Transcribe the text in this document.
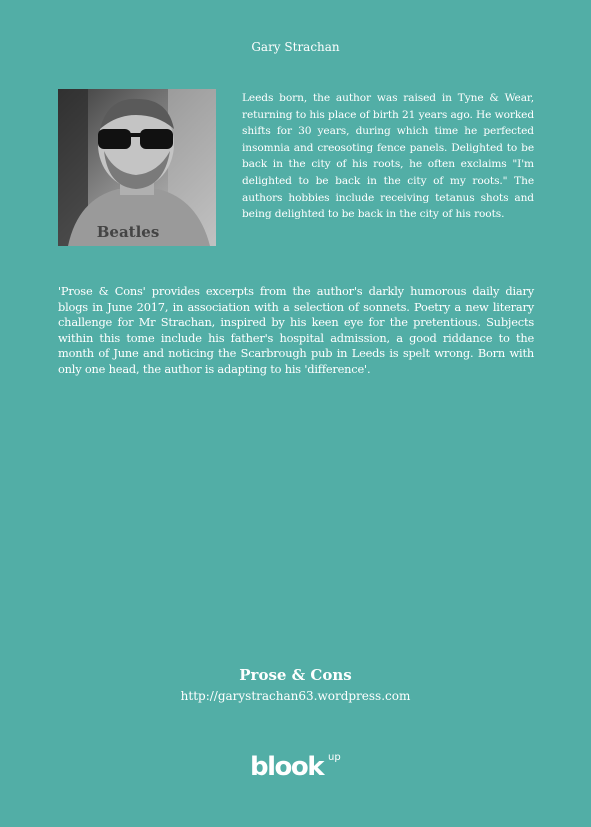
Gary Strachan
Beatles
Leeds born, the author was raised in Tyne & Wear, returning to his place of birth 21 years ago. He worked shifts for 30 years, during which time he perfected insomnia and creosoting fence panels. Delighted to be back in the city of his roots, he often exclaims "I'm delighted to be back in the city of my roots." The authors hobbies include receiving tetanus shots and being delighted to be back in the city of his roots.
'Prose & Cons' provides excerpts from the author's darkly humorous daily diary blogs in June 2017, in association with a selection of sonnets. Poetry a new literary challenge for Mr Strachan, inspired by his keen eye for the pretentious. Subjects within this tome include his father's hospital admission, a good riddance to the month of June and noticing the Scarbrough pub in Leeds is spelt wrong. Born with only one head, the author is adapting to his 'difference'.
Prose & Cons
http://garystrachan63.wordpress.com
blook up
